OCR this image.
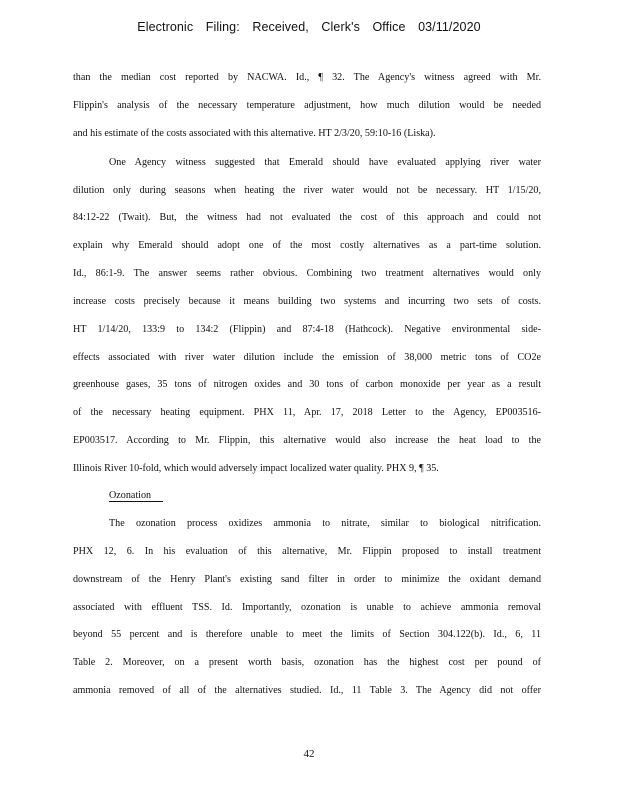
Electronic Filing: Received, Clerk's Office 03/11/2020
than the median cost reported by NACWA. Id., ¶ 32. The Agency's witness agreed with Mr.
Flippin's analysis of the necessary temperature adjustment, how much dilution would be needed
and his estimate of the costs associated with this alternative. HT 2/3/20, 59:10-16 (Liska).
One Agency witness suggested that Emerald should have evaluated applying river water
dilution only during seasons when heating the river water would not be necessary. HT 1/15/20,
84:12-22 (Twait). But, the witness had not evaluated the cost of this approach and could not
explain why Emerald should adopt one of the most costly alternatives as a part-time solution.
Id., 86:1-9. The answer seems rather obvious. Combining two treatment alternatives would only
increase costs precisely because it means building two systems and incurring two sets of costs.
HT 1/14/20, 133:9 to 134:2 (Flippin) and 87:4-18 (Hathcock). Negative environmental side-
effects associated with river water dilution include the emission of 38,000 metric tons of CO2e
greenhouse gases, 35 tons of nitrogen oxides and 30 tons of carbon monoxide per year as a result
of the necessary heating equipment. PHX 11, Apr. 17, 2018 Letter to the Agency, EP003516-
EP003517. According to Mr. Flippin, this alternative would also increase the heat load to the
Illinois River 10-fold, which would adversely impact localized water quality. PHX 9, ¶ 35.
Ozonation
The ozonation process oxidizes ammonia to nitrate, similar to biological nitrification.
PHX 12, 6. In his evaluation of this alternative, Mr. Flippin proposed to install treatment
downstream of the Henry Plant's existing sand filter in order to minimize the oxidant demand
associated with effluent TSS. Id. Importantly, ozonation is unable to achieve ammonia removal
beyond 55 percent and is therefore unable to meet the limits of Section 304.122(b). Id., 6, 11
Table 2. Moreover, on a present worth basis, ozonation has the highest cost per pound of
ammonia removed of all of the alternatives studied. Id., 11 Table 3. The Agency did not offer
42
